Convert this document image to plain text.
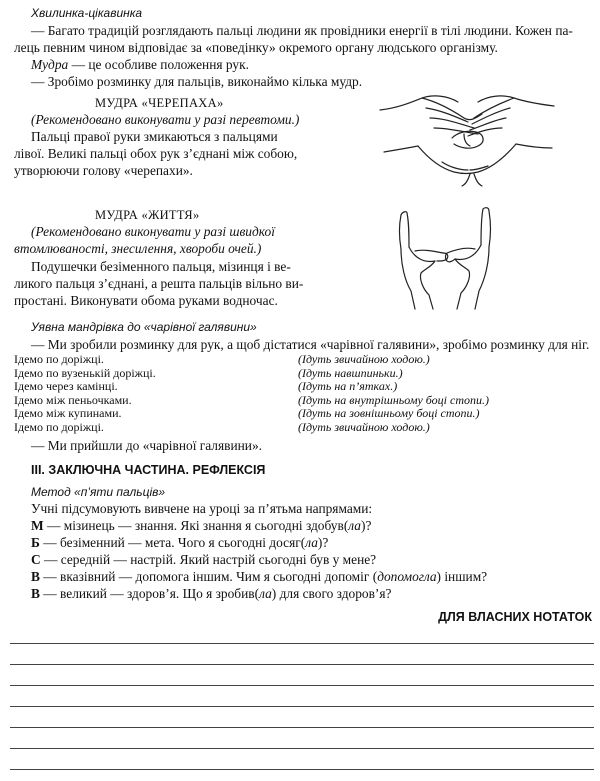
Хвилинка-цікавинка
— Багато традицій розглядають пальці людини як провідники енергії в тілі людини. Кожен па-
лець певним чином відповідає за «поведінку» окремого органу людського організму.
Мудра — це особливе положення рук.
— Зробімо розминку для пальців, виконаймо кілька мудр.
МУДРА «ЧЕРЕПАХА»
(Рекомендовано виконувати у разі перевтоми.)
Пальці правої руки змикаються з пальцями
лівої. Великі пальці обох рук з’єднані між собою,
утворюючи голову «черепахи».
МУДРА «ЖИТТЯ»
(Рекомендовано виконувати у разі швидкої
втомлюваності, знесилення, хвороби очей.)
Подушечки безіменного пальця, мізинця і ве-
ликого пальця з’єднані, а решта пальців вільно ви-
простані. Виконувати обома руками водночас.
Уявна мандрівка до «чарівної галявини»
— Ми зробили розминку для рук, а щоб дістатися «чарівної галявини», зробімо розминку для ніг.
Ідемо по доріжці.
Ідемо по вузенькій доріжці.
Ідемо через камінці.
Ідемо між пеньочками.
Ідемо між купинами.
Ідемо по доріжці.
(Ідуть звичайною ходою.)
(Ідуть навшпиньки.)
(Ідуть на п’ятках.)
(Ідуть на внутрішньому боці стопи.)
(Ідуть на зовнішньому боці стопи.)
(Ідуть звичайною ходою.)
— Ми прийшли до «чарівної галявини».
III. ЗАКЛЮЧНА ЧАСТИНА. РЕФЛЕКСІЯ
Метод «п’яти пальців»
Учні підсумовують вивчене на уроці за п’ятьма напрямами:
М — мізинець — знання. Які знання я сьогодні здобув(ла)?
Б — безіменний — мета. Чого я сьогодні досяг(ла)?
С — середній — настрій. Який настрій сьогодні був у мене?
В — вказівний — допомога іншим. Чим я сьогодні допоміг (допомогла) іншим?
В — великий — здоров’я. Що я зробив(ла) для свого здоров’я?
ДЛЯ ВЛАСНИХ НОТАТОК
